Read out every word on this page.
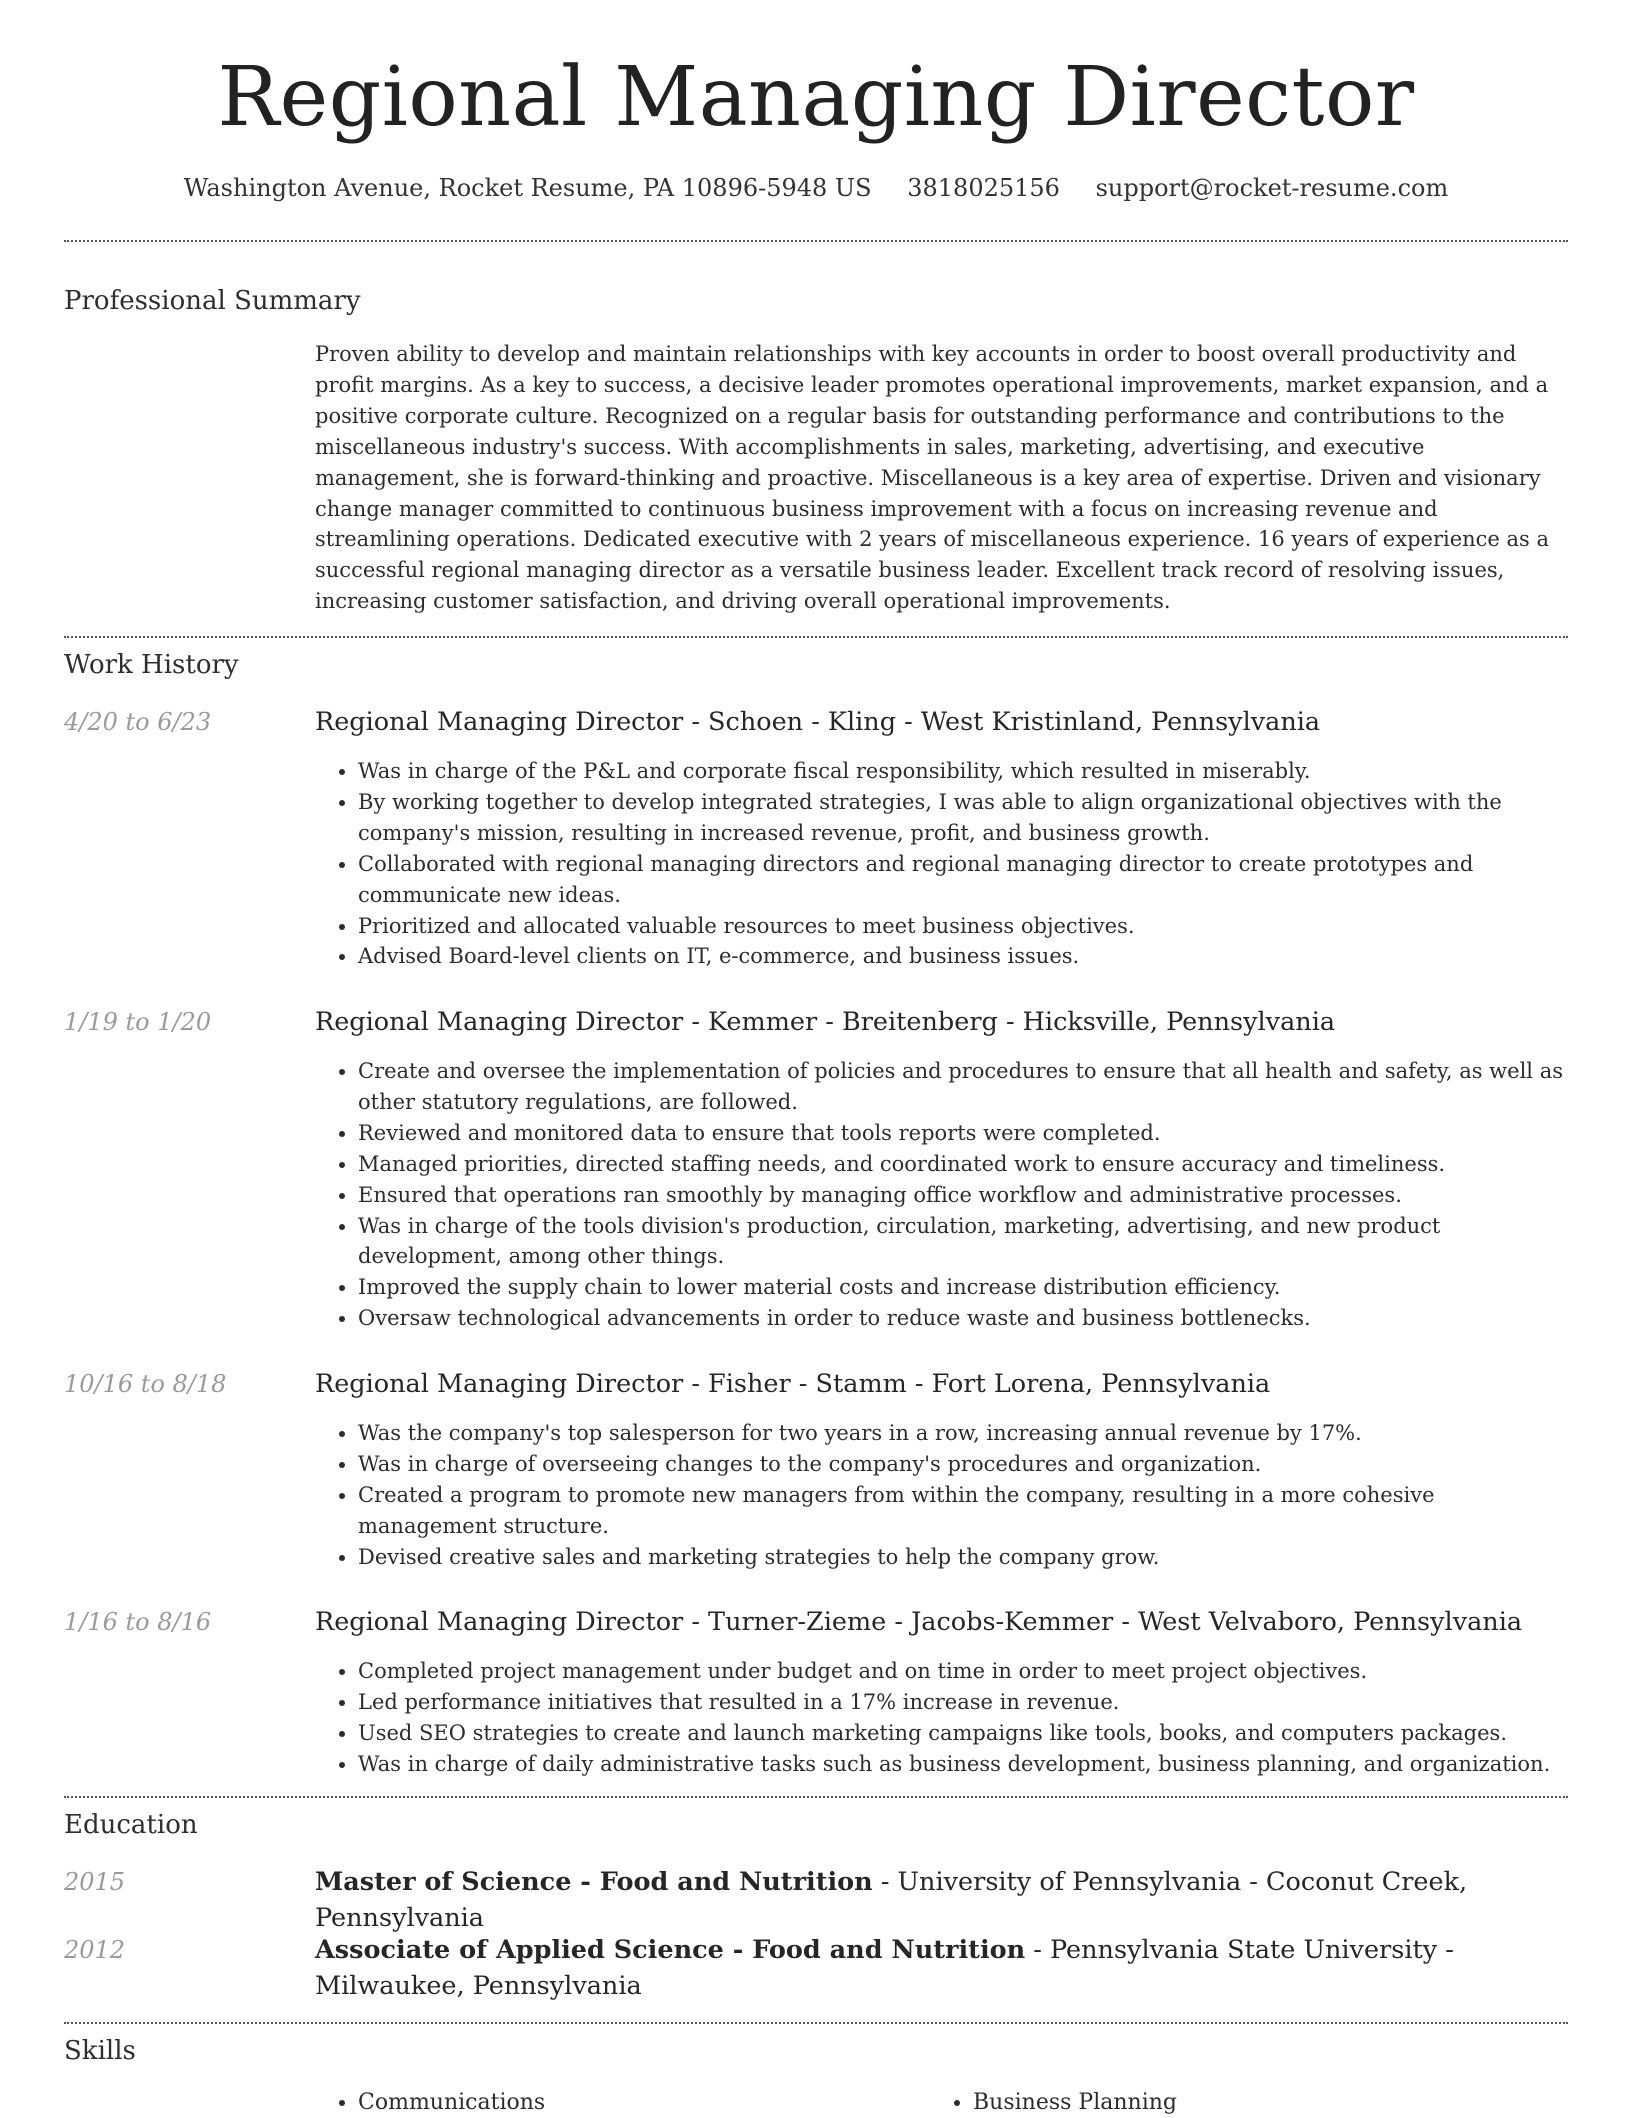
Regional Managing Director
Washington Avenue, Rocket Resume, PA 10896-5948 US 3818025156 support@rocket-resume.com
Professional Summary
Proven ability to develop and maintain relationships with key accounts in order to boost overall productivity and profit margins. As a key to success, a decisive leader promotes operational improvements, market expansion, and a positive corporate culture. Recognized on a regular basis for outstanding performance and contributions to the miscellaneous industry's success. With accomplishments in sales, marketing, advertising, and executive management, she is forward-thinking and proactive. Miscellaneous is a key area of expertise. Driven and visionary change manager committed to continuous business improvement with a focus on increasing revenue and streamlining operations. Dedicated executive with 2 years of miscellaneous experience. 16 years of experience as a successful regional managing director as a versatile business leader. Excellent track record of resolving issues, increasing customer satisfaction, and driving overall operational improvements.
Work History
4/20 to 6/23	Regional Managing Director - Schoen - Kling - West Kristinland, Pennsylvania
• Was in charge of the P&L and corporate fiscal responsibility, which resulted in miserably.
• By working together to develop integrated strategies, I was able to align organizational objectives with the company's mission, resulting in increased revenue, profit, and business growth.
• Collaborated with regional managing directors and regional managing director to create prototypes and communicate new ideas.
• Prioritized and allocated valuable resources to meet business objectives.
• Advised Board-level clients on IT, e-commerce, and business issues.
1/19 to 1/20	Regional Managing Director - Kemmer - Breitenberg - Hicksville, Pennsylvania
• Create and oversee the implementation of policies and procedures to ensure that all health and safety, as well as other statutory regulations, are followed.
• Reviewed and monitored data to ensure that tools reports were completed.
• Managed priorities, directed staffing needs, and coordinated work to ensure accuracy and timeliness.
• Ensured that operations ran smoothly by managing office workflow and administrative processes.
• Was in charge of the tools division's production, circulation, marketing, advertising, and new product development, among other things.
• Improved the supply chain to lower material costs and increase distribution efficiency.
• Oversaw technological advancements in order to reduce waste and business bottlenecks.
10/16 to 8/18	Regional Managing Director - Fisher - Stamm - Fort Lorena, Pennsylvania
• Was the company's top salesperson for two years in a row, increasing annual revenue by 17%.
• Was in charge of overseeing changes to the company's procedures and organization.
• Created a program to promote new managers from within the company, resulting in a more cohesive management structure.
• Devised creative sales and marketing strategies to help the company grow.
1/16 to 8/16	Regional Managing Director - Turner-Zieme - Jacobs-Kemmer - West Velvaboro, Pennsylvania
• Completed project management under budget and on time in order to meet project objectives.
• Led performance initiatives that resulted in a 17% increase in revenue.
• Used SEO strategies to create and launch marketing campaigns like tools, books, and computers packages.
• Was in charge of daily administrative tasks such as business development, business planning, and organization.
Education
2015	Master of Science - Food and Nutrition - University of Pennsylvania - Coconut Creek, Pennsylvania
2012	Associate of Applied Science - Food and Nutrition - Pennsylvania State University - Milwaukee, Pennsylvania
Skills
• Communications
•	Business Planning
